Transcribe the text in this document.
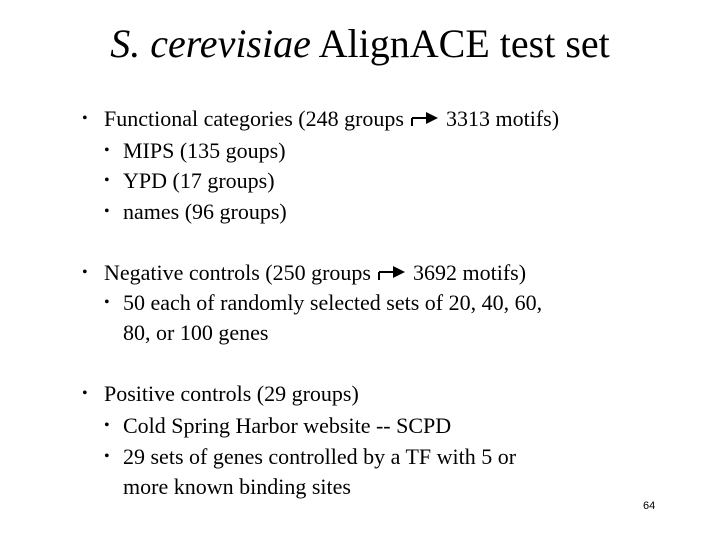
S. cerevisiae AlignACE test set
• Functional categories (248 groups 3313 motifs)
• MIPS (135 goups)
• YPD (17 groups)
• names (96 groups)
• Negative controls (250 groups 3692 motifs)
• 50 each of randomly selected sets of 20, 40, 60,
80, or 100 genes
• Positive controls (29 groups)
• Cold Spring Harbor website -- SCPD
• 29 sets of genes controlled by a TF with 5 or
more known binding sites
64
